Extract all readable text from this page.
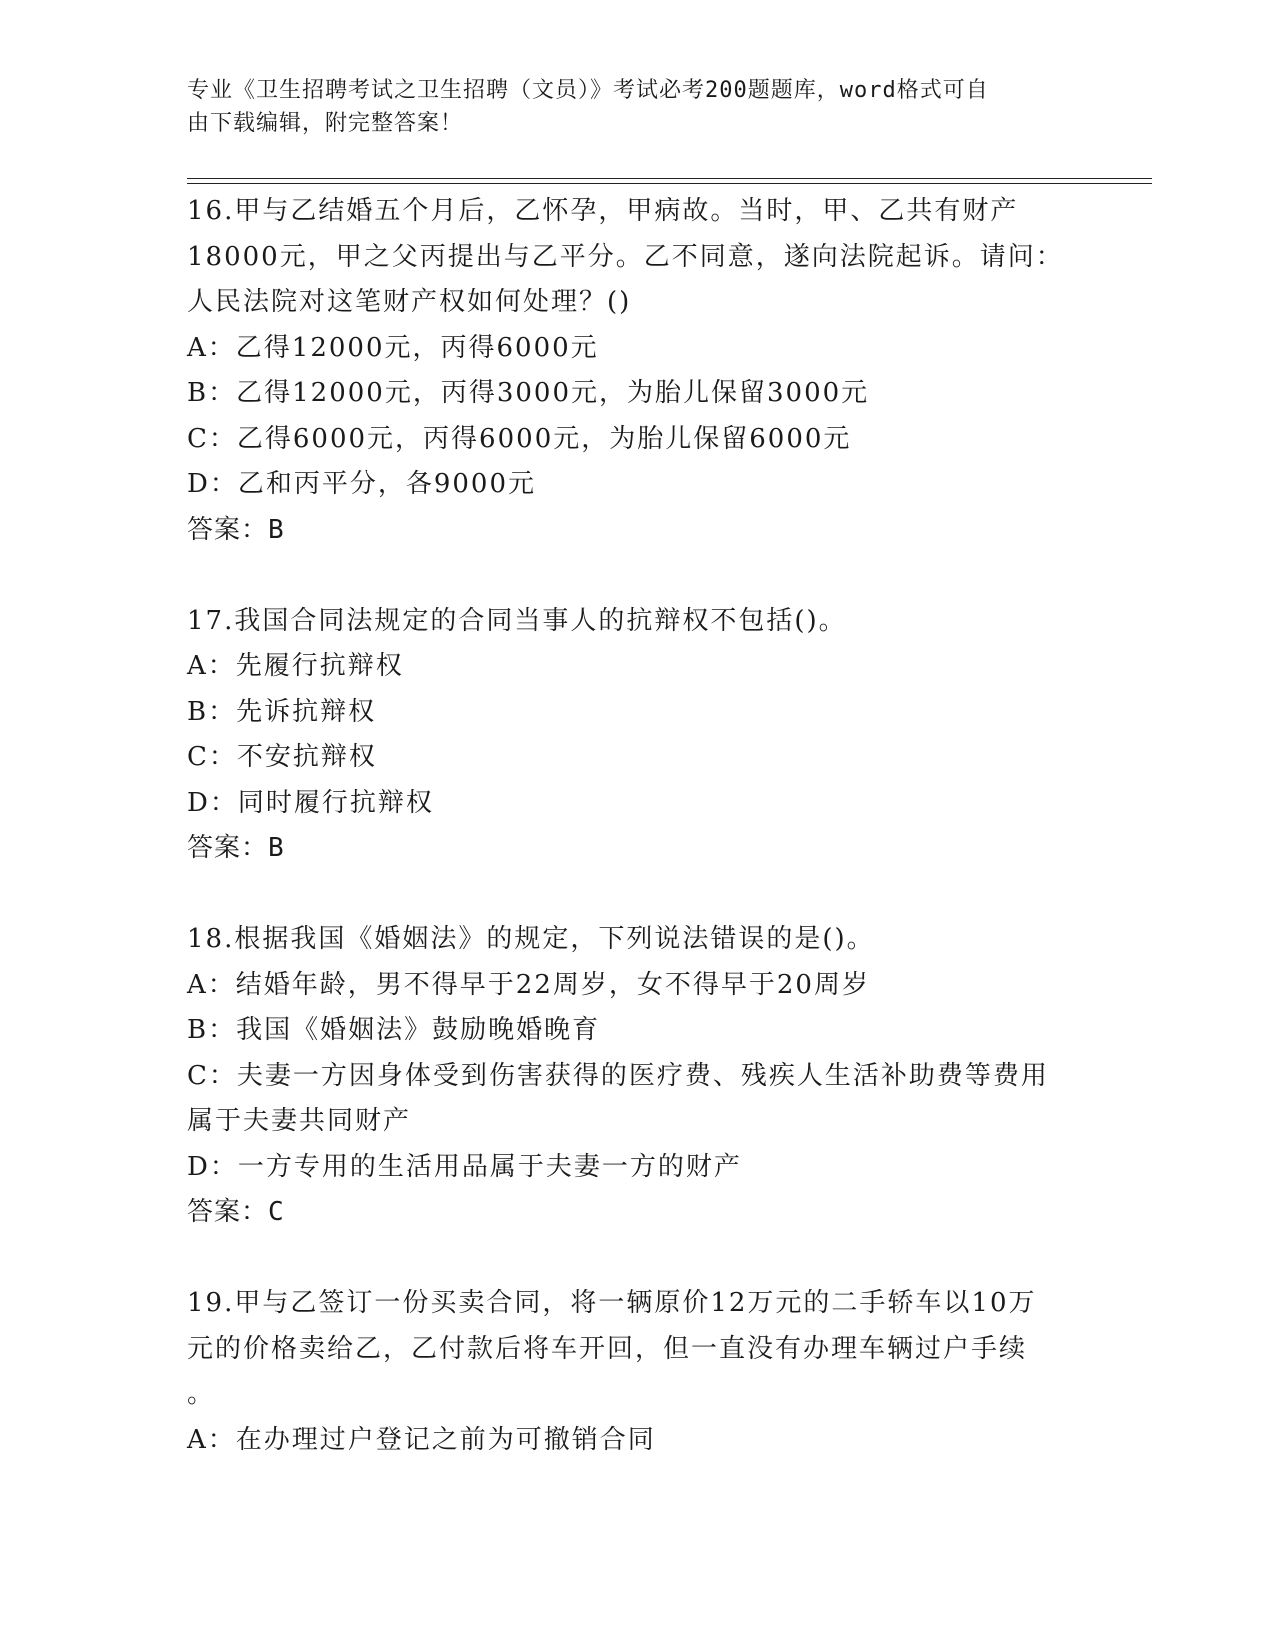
专业《卫生招聘考试之卫生招聘（文员）》考试必考200题题库，word格式可自
由下载编辑，附完整答案！
16.甲与乙结婚五个月后，乙怀孕，甲病故。当时，甲、乙共有财产
18000元，甲之父丙提出与乙平分。乙不同意，遂向法院起诉。请问：
人民法院对这笔财产权如何处理？()
A：乙得12000元，丙得6000元
B：乙得12000元，丙得3000元，为胎儿保留3000元
C：乙得6000元，丙得6000元，为胎儿保留6000元
D：乙和丙平分，各9000元
答案：B
17.我国合同法规定的合同当事人的抗辩权不包括()。
A：先履行抗辩权
B：先诉抗辩权
C：不安抗辩权
D：同时履行抗辩权
答案：B
18.根据我国《婚姻法》的规定，下列说法错误的是()。
A：结婚年龄，男不得早于22周岁，女不得早于20周岁
B：我国《婚姻法》鼓励晚婚晚育
C：夫妻一方因身体受到伤害获得的医疗费、残疾人生活补助费等费用
属于夫妻共同财产
D：一方专用的生活用品属于夫妻一方的财产
答案：C
19.甲与乙签订一份买卖合同，将一辆原价12万元的二手轿车以10万
元的价格卖给乙，乙付款后将车开回，但一直没有办理车辆过户手续
。
A：在办理过户登记之前为可撤销合同
